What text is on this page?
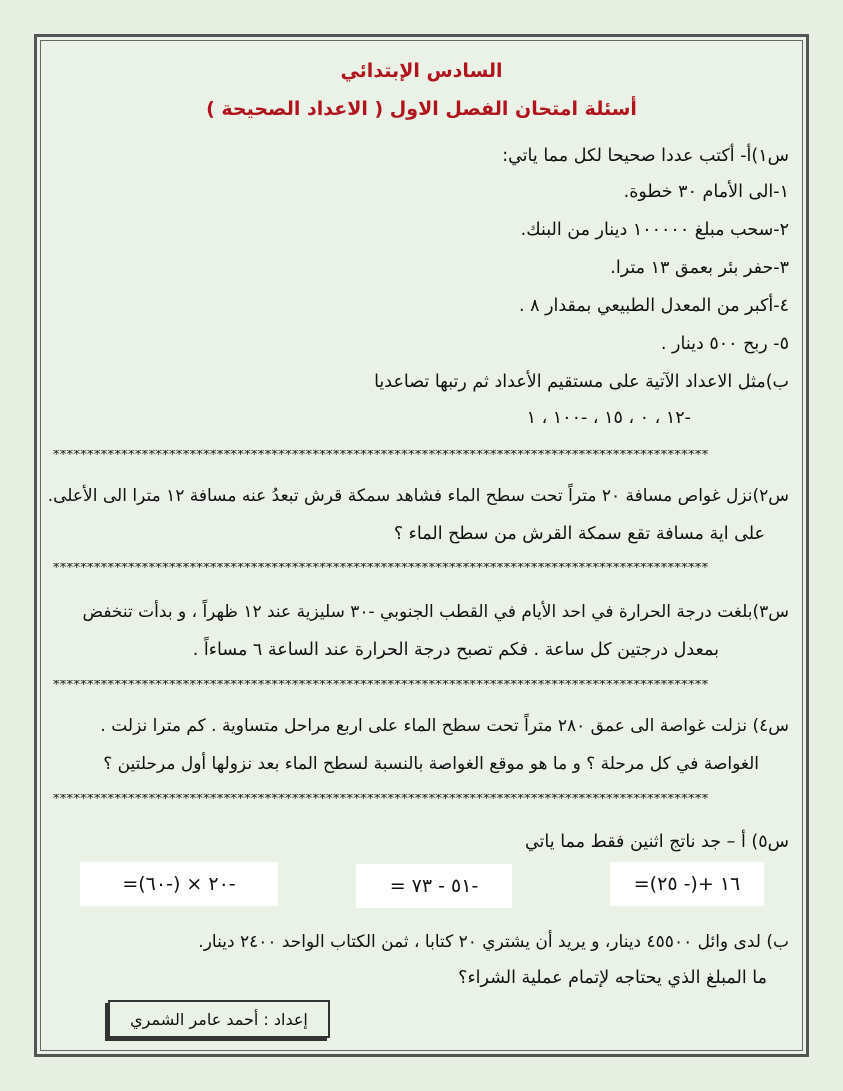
السادس الإبتدائي
أسئلة امتحان الفصل الاول ( الاعداد الصحيحة )
س١)أ- أكتب عددا صحيحا لكل مما ياتي:
١-الى الأمام ٣٠ خطوة.
٢-سحب مبلغ ١٠٠٠٠٠ دينار من البنك.
٣-حفر بئر بعمق ١٣ مترا.
٤-أكبر من المعدل الطبيعي بمقدار ٨ .
٥- ربح ٥٠٠ دينار .
ب)مثل الاعداد الآتية على مستقيم الأعداد ثم رتبها تصاعديا
-١٢ ، ٠ ، ١٥ ، -١٠٠ ، ١
************************************************************************************************
س٢)نزل غواص مسافة ٢٠ متراً تحت سطح الماء فشاهد سمكة قرش تبعدُ عنه مسافة ١٢ مترا الى الأعلى.
على اية مسافة تقع سمكة القرش من سطح الماء ؟
************************************************************************************************
س٣)بلغت درجة الحرارة في احد الأيام في القطب الجنوبي -٣٠ سليزية عند ١٢ ظهراً ، و بدأت تنخفض
بمعدل درجتين كل ساعة . فكم تصبح درجة الحرارة عند الساعة ٦ مساءاً .
************************************************************************************************
س٤) نزلت غواصة الى عمق ٢٨٠ متراً تحت سطح الماء على اربع مراحل متساوية . كم مترا نزلت .
الغواصة في كل مرحلة ؟ و ما هو موقع الغواصة بالنسبة لسطح الماء بعد نزولها أول مرحلتين ؟
************************************************************************************************
س٥) أ – جد ناتج اثنين فقط مما ياتي
=(٢٥ -)+ ١٦
= ٥١ - ٧٣-
=(٦٠-) × ٢٠-
ب) لدى وائل ٤٥٥٠٠ دينار، و يريد أن يشتري ٢٠ كتابا ، ثمن الكتاب الواحد ٢٤٠٠ دينار.
ما المبلغ الذي يحتاجه لإتمام عملية الشراء؟
إعداد : أحمد عامر الشمري
